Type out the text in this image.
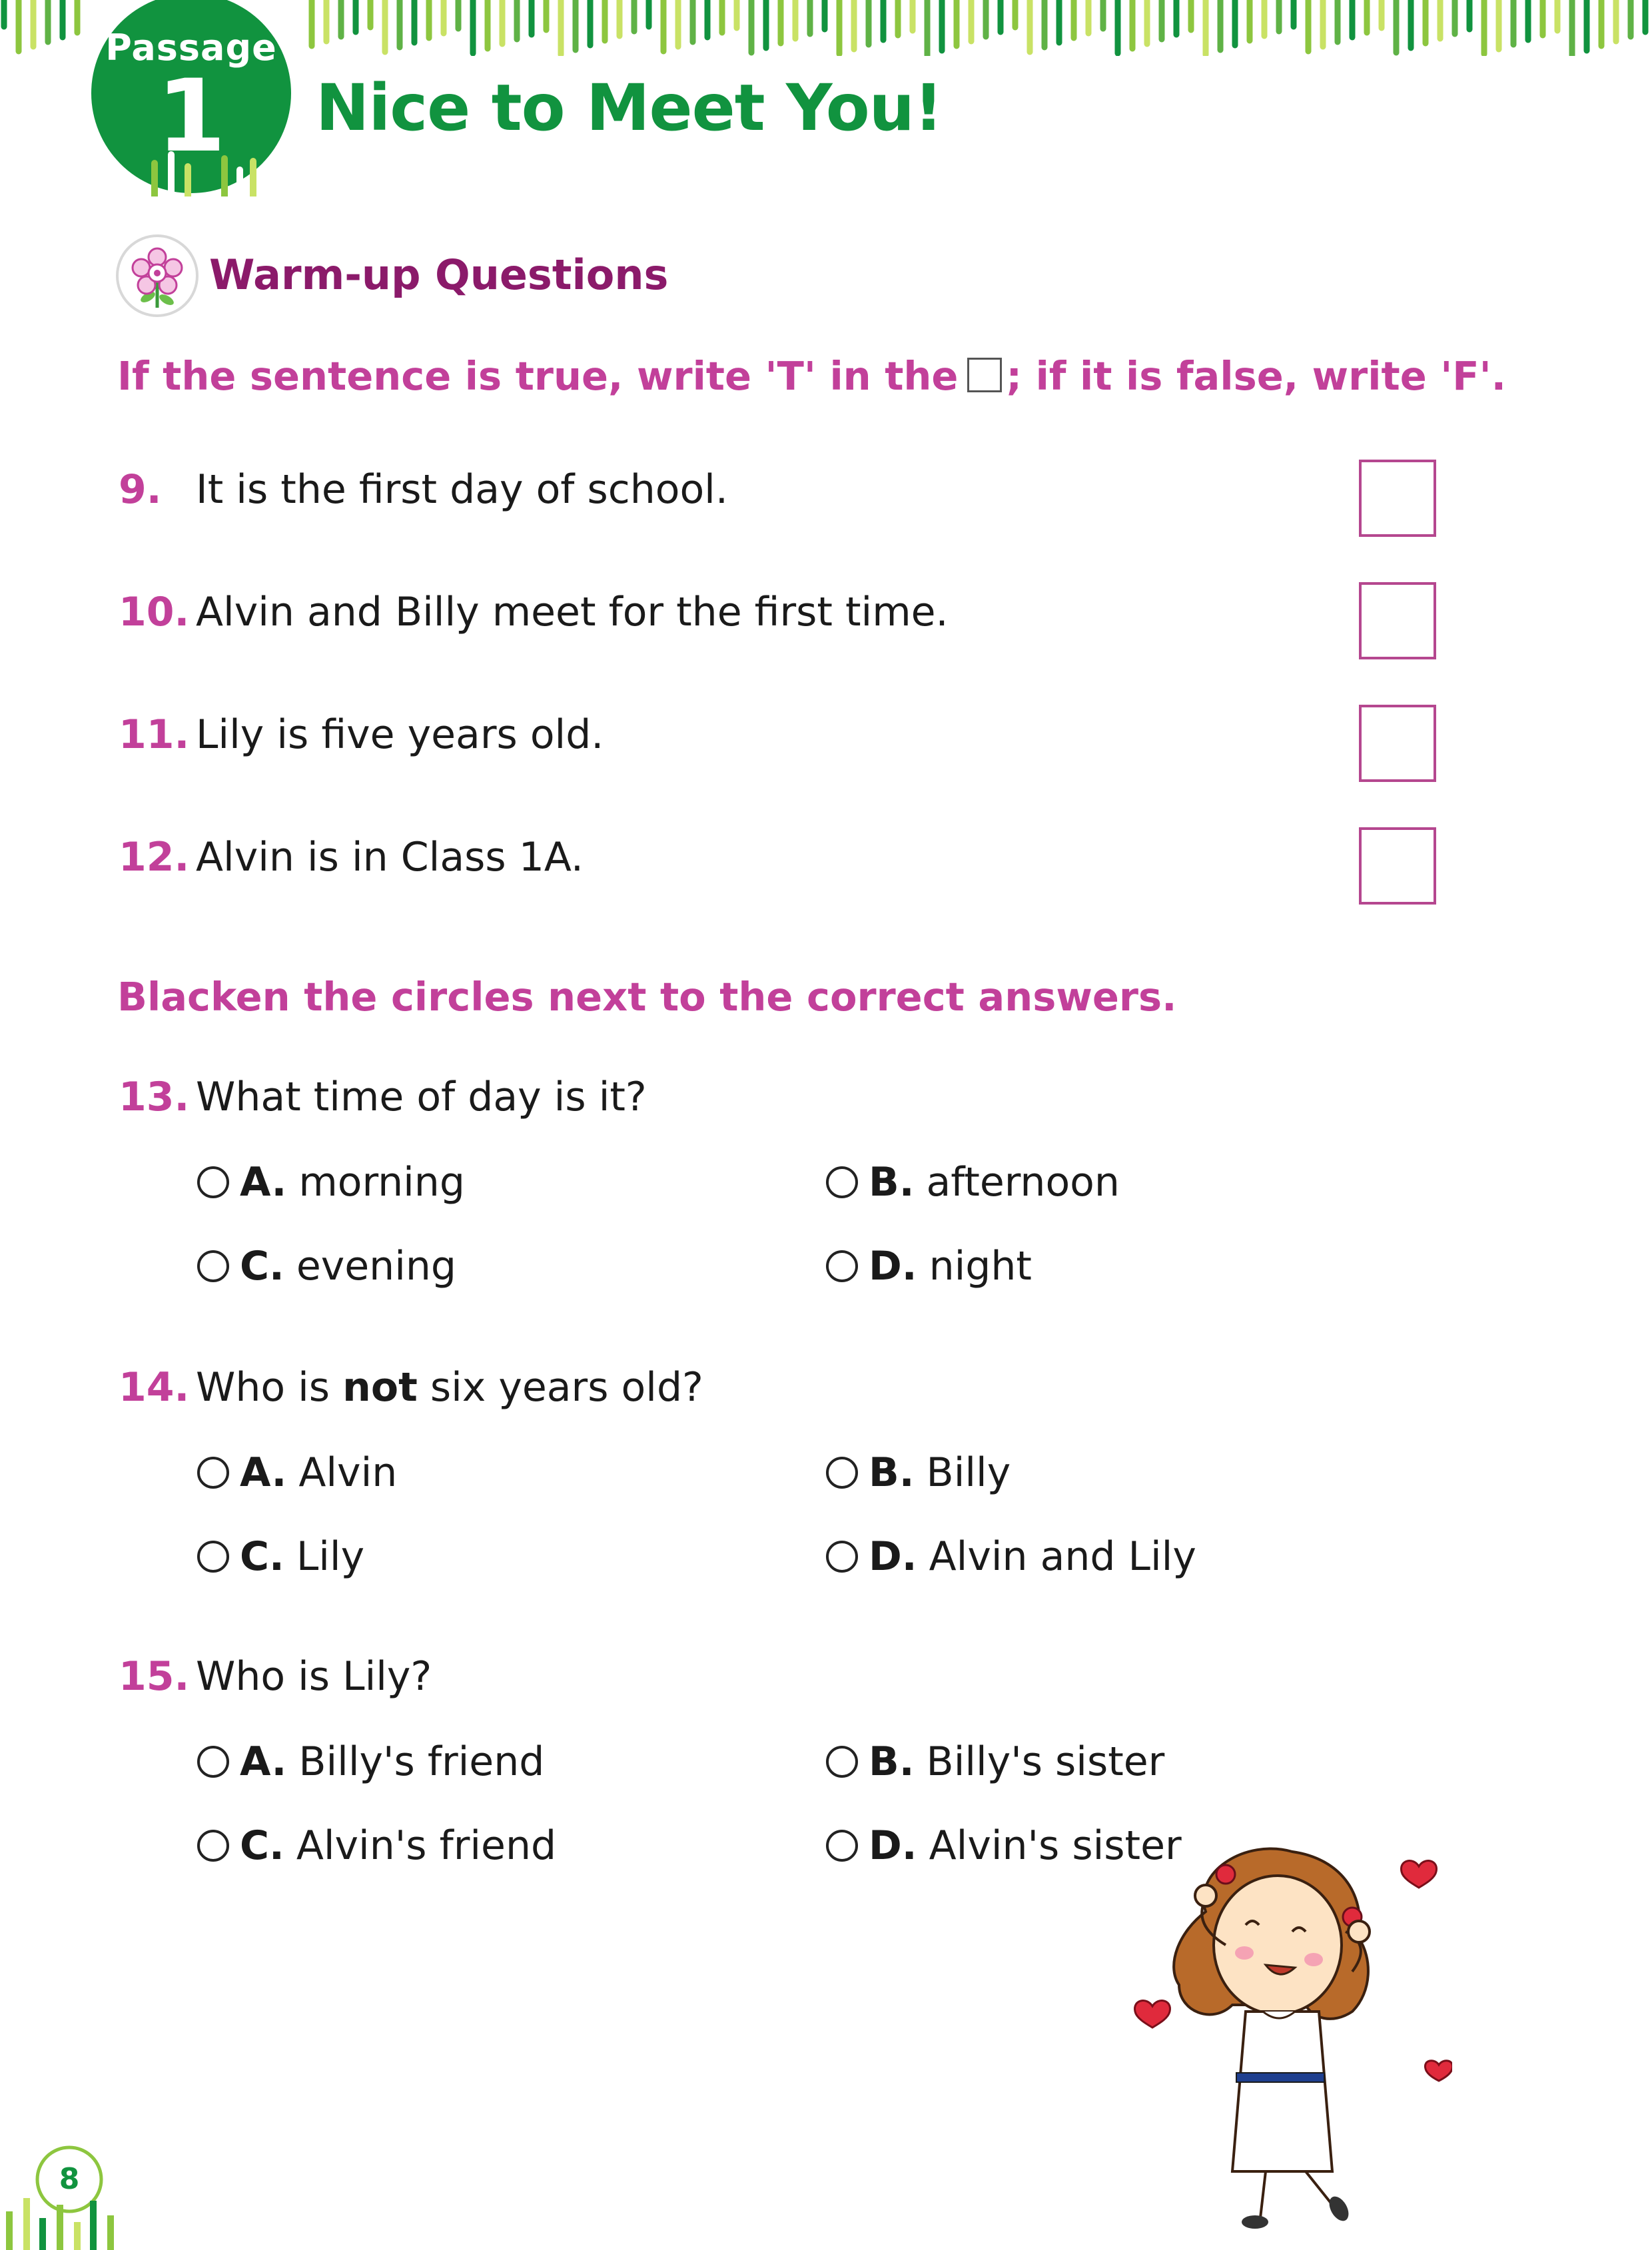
Passage
1	Nice to Meet You!
Warm-up Questions
If the sentence is true, write 'T' in the ; if it is false, write 'F'.
9. It is the first day of school.
10. Alvin and Billy meet for the first time.
11. Lily is five years old.
12. Alvin is in Class 1A.
Blacken the circles next to the correct answers.
13. What time of day is it?
A. morning	B. afternoon
C. evening	D. night
14. Who is not six years old?
A. Alvin	B. Billy
C. Lily	D. Alvin and Lily
15. Who is Lily?
A. Billy's friend	B. Billy's sister
C. Alvin's friend	D. Alvin's sister
8
